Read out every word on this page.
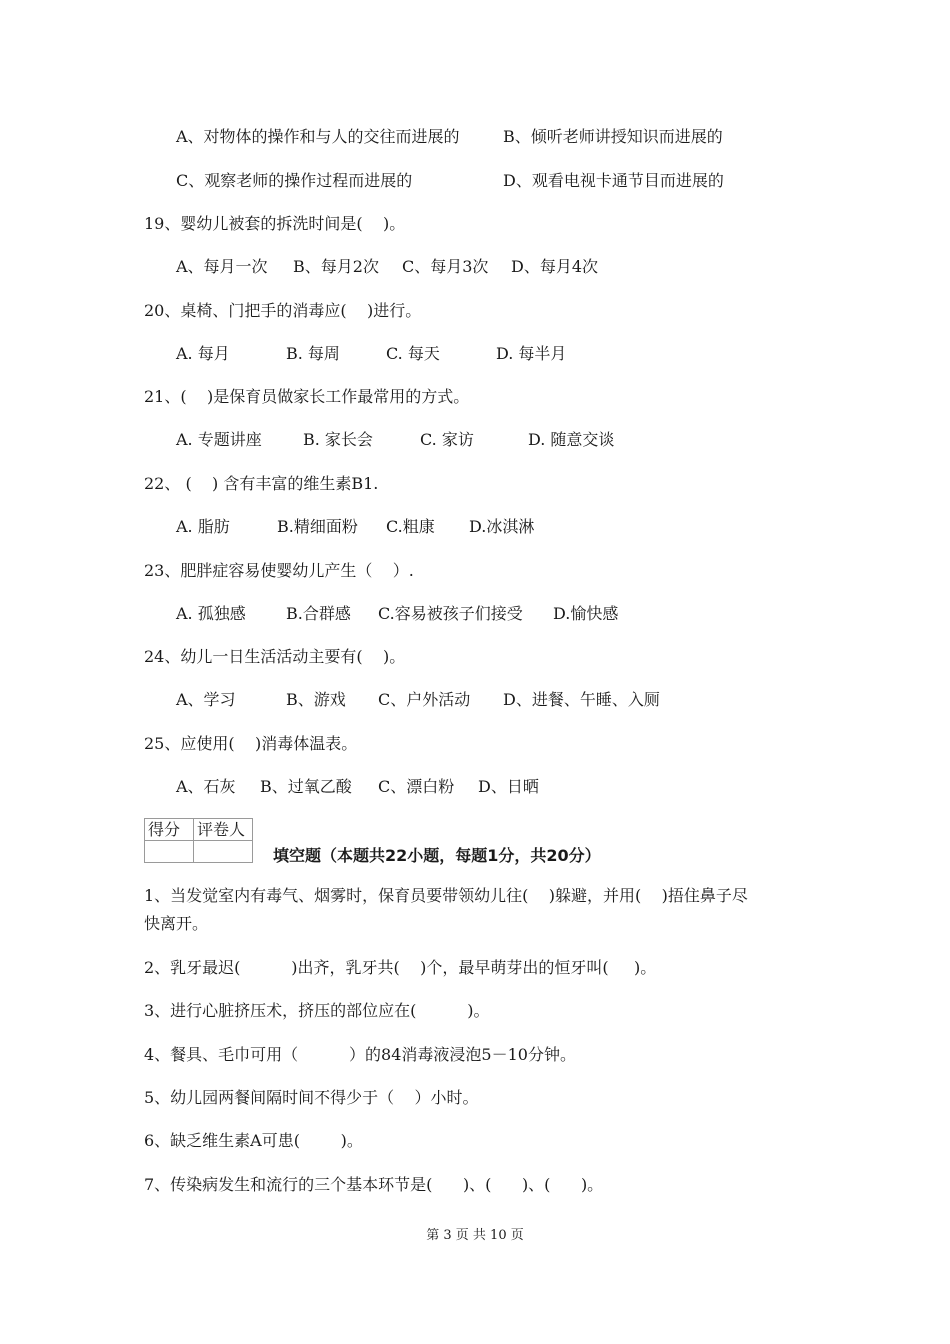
A、对物体的操作和与人的交往而进展的	B、倾听老师讲授知识而进展的
C、观察老师的操作过程而进展的	D、观看电视卡通节目而进展的
19、婴幼儿被套的拆洗时间是(    )。
A、每月一次 B、每月2次 C、每月3次 D、每月4次
20、桌椅、门把手的消毒应(    )进行。
A. 每月	B. 每周	C. 每天	D. 每半月
21、(    )是保育员做家长工作最常用的方式。
A. 专题讲座	B. 家长会	C. 家访	D. 随意交谈
22、 (    ) 含有丰富的维生素B1.
A. 脂肪	B.精细面粉 C.粗康 D.冰淇淋
23、肥胖症容易使婴幼儿产生（    ）.
A. 孤独感	B.合群感 C.容易被孩子们接受 D.愉快感
24、幼儿一日生活活动主要有(    )。
A、学习	B、游戏 C、户外活动 D、进餐、午睡、入厕
25、应使用(    )消毒体温表。
A、石灰 B、过氧乙酸 C、漂白粉 D、日晒
得分	评卷人

填空题（本题共22小题，每题1分，共20分）
1、当发觉室内有毒气、烟雾时，保育员要带领幼儿往(    )躲避，并用(    )捂住鼻子尽
快离开。
2、乳牙最迟(          )出齐，乳牙共(    )个，最早萌芽出的恒牙叫(     )。
3、进行心脏挤压术，挤压的部位应在(          )。
4、餐具、毛巾可用（          ）的84消毒液浸泡5－10分钟。
5、幼儿园两餐间隔时间不得少于（    ）小时。
6、缺乏维生素A可患(        )。
7、传染病发生和流行的三个基本环节是(      )、(      )、(      )。
第 3 页 共 10 页
